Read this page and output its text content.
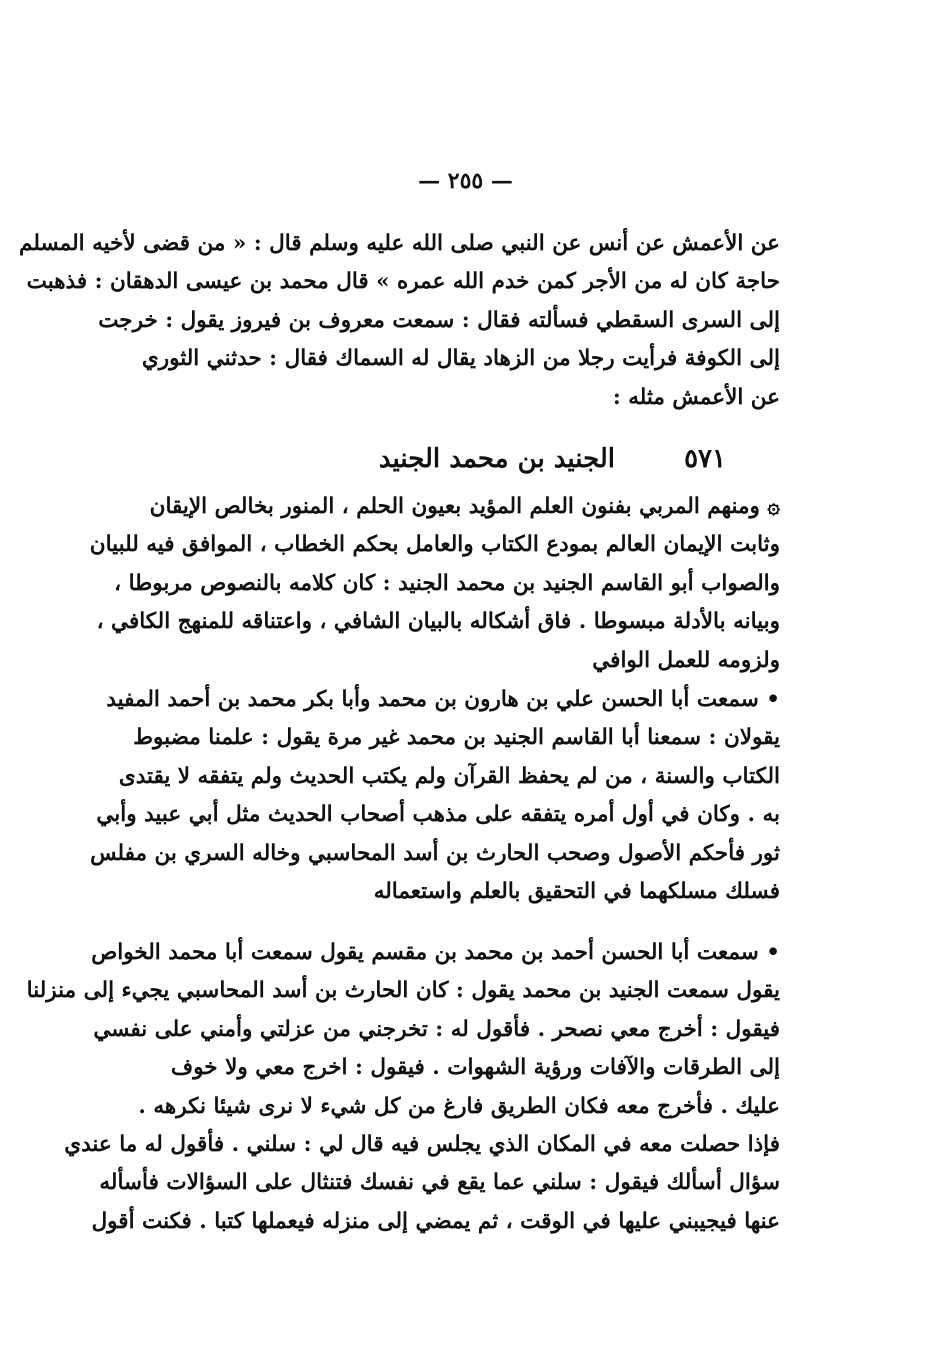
— ٢٥٥ —
عن الأعمش عن أنس عن النبي صلى الله عليه وسلم قال : « من قضى لأخيه المسلم
حاجة كان له من الأجر كمن خدم الله عمره » قال محمد بن عيسى الدهقان : فذهبت
إلى السرى السقطي فسألته فقال : سمعت معروف بن فيروز يقول : خرجت
إلى الكوفة فرأيت رجلا من الزهاد يقال له السماك فقال : حدثني الثوري
عن الأعمش مثله :
٥٧١
الجنيد بن محمد الجنيد
۞ ومنهم المربي بفنون العلم المؤيد بعيون الحلم ، المنور بخالص الإيقان
وثابت الإيمان العالم بمودع الكتاب والعامل بحكم الخطاب ، الموافق فيه للبيان
والصواب أبو القاسم الجنيد بن محمد الجنيد : كان كلامه بالنصوص مربوطا ،
وبيانه بالأدلة مبسوطا . فاق أشكاله بالبيان الشافي ، واعتناقه للمنهج الكافي ،
ولزومه للعمل الوافي
• سمعت أبا الحسن علي بن هارون بن محمد وأبا بكر محمد بن أحمد المفيد
يقولان : سمعنا أبا القاسم الجنيد بن محمد غير مرة يقول : علمنا مضبوط
الكتاب والسنة ، من لم يحفظ القرآن ولم يكتب الحديث ولم يتفقه لا يقتدى
به . وكان في أول أمره يتفقه على مذهب أصحاب الحديث مثل أبي عبيد وأبي
ثور فأحكم الأصول وصحب الحارث بن أسد المحاسبي وخاله السري بن مفلس
فسلك مسلكهما في التحقيق بالعلم واستعماله
• سمعت أبا الحسن أحمد بن محمد بن مقسم يقول سمعت أبا محمد الخواص
يقول سمعت الجنيد بن محمد يقول : كان الحارث بن أسد المحاسبي يجيء إلى منزلنا
فيقول : أخرج معي نصحر . فأقول له : تخرجني من عزلتي وأمني على نفسي
إلى الطرقات والآفات ورؤية الشهوات . فيقول : اخرج معي ولا خوف
عليك . فأخرج معه فكان الطريق فارغ من كل شيء لا نرى شيئا نكرهه .
فإذا حصلت معه في المكان الذي يجلس فيه قال لي : سلني . فأقول له ما عندي
سؤال أسألك فيقول : سلني عما يقع في نفسك فتنثال على السؤالات فأسأله
عنها فيجيبني عليها في الوقت ، ثم يمضي إلى منزله فيعملها كتبا . فكنت أقول
